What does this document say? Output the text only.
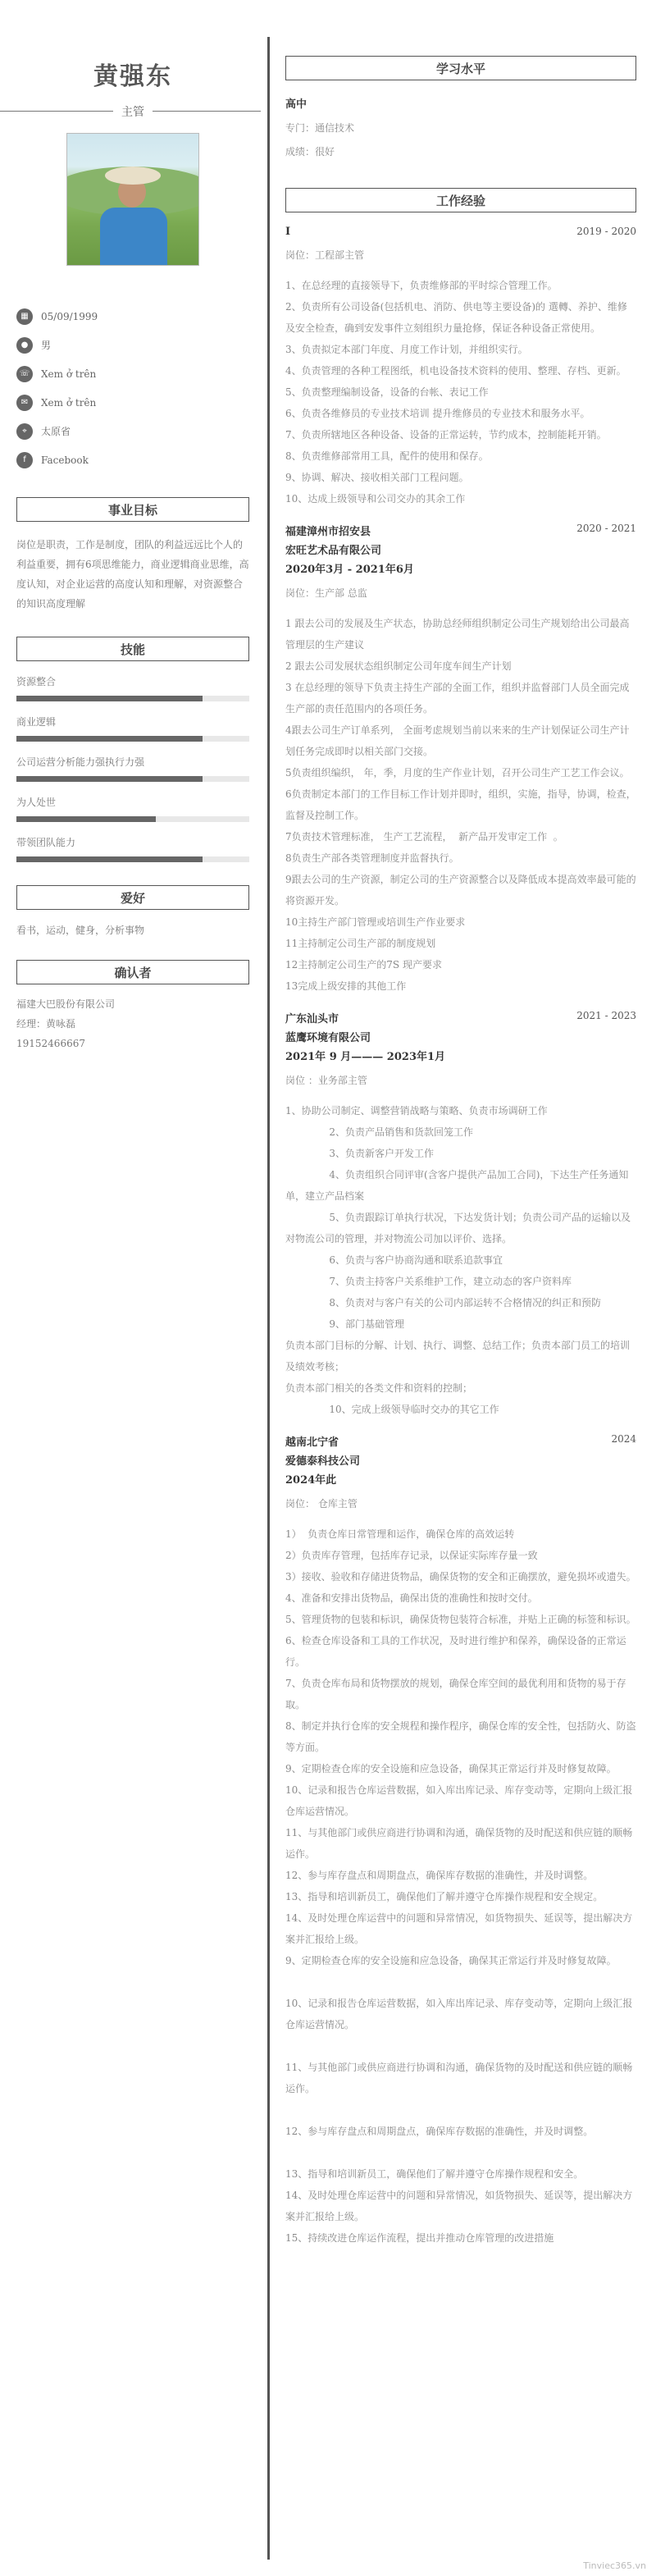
黄强东
主管
▦	05/09/1999
●	男
☏	Xem ở trên
✉	Xem ở trên
⌖	太原省
f	Facebook
事业目标
岗位是职责，工作是制度，团队的利益远远比个人的利益重要，拥有6项思维能力，商业逻辑商业思维，高度认知，对企业运营的高度认知和理解，对资源整合的知识高度理解
技能
资源整合
商业逻辑
公司运营分析能力强执行力强
为人处世
带领团队能力
爱好
看书，运动，健身，分析事物
确认者
福建大巴股份有限公司
经理：黄咏磊
19152466667
学习水平
高中
专门：通信技术
成绩：很好
工作经验
I	2019 - 2020
岗位：工程部主管
1、在总经理的直接领导下，负责维修部的平时综合管理工作。
2、负责所有公司设备(包括机电、消防、供电等主要设备)的 選轉、养护、维修及安全检查，确到安发事件立刻组织力量抢修，保证各种设备正常使用。
3、负责拟定本部门年度、月度工作计划，并组织实行。
4、负责管理的各种工程图纸，机电设备技术资料的使用、整理、存档、更新。
5、负责整理编制设备，设备的台帐、表记工作
6、负责各维修员的专业技术培训 提升维修员的专业技术和服务水平。
7、负责所辖地区各种设备、设备的正常运转，节约成本，控制能耗开销。
8、负责维修部常用工具，配件的使用和保存。
9、协调、解决、接收相关部门工程问题。
10、达成上级领导和公司交办的其余工作
福建漳州市招安县	2020 - 2021
宏旺艺术品有限公司
2020年3月 - 2021年6月
岗位：生产部 总监
1 跟去公司的发展及生产状态，协助总经师组织制定公司生产规划给出公司最高管理层的生产建议
2 跟去公司发展状态组织制定公司年度车间生产计划
3 在总经理的领导下负责主持生产部的全面工作，组织并监督部门人员全面完成生产部的责任范围内的各项任务。
4跟去公司生产订单系列， 全面考虑规划当前以来来的生产计划保证公司生产计划任务完成即时以相关部门交接。
5负责组织编织， 年，季，月度的生产作业计划，召开公司生产工艺工作会议。
6负责制定本部门的工作目标工作计划并即时，组织，实施，指导，协调，检查，监督及控制工作。
7负责技术管理标准， 生产工艺流程，  新产品开发审定工作  。
8负责生产部各类管理制度并监督执行。
9跟去公司的生产资源，制定公司的生产资源整合以及降低成本提高效率最可能的将资源开发。
10主持生产部门管理或培训生产作业要求
11主持制定公司生产部的制度规划
12主持制定公司生产的7S 现产要求
13完成上级安排的其他工作
广东汕头市	2021 - 2023
蓝鹰环境有限公司
2021年 9 月——— 2023年1月
岗位 ：业务部主管
1、协助公司制定、调整营销战略与策略、负责市场调研工作
2、负责产品销售和货款回笼工作
3、负责新客户开发工作
4、负责组织合同评审(含客户提供产品加工合同)，下达生产任务通知单，建立产品档案
5、负责跟踪订单执行状况，下达发货计划；负责公司产品的运输以及对物流公司的管理，并对物流公司加以评价、选择。
6、负责与客户协商沟通和联系追款事宜
7、负责主持客户关系维护工作，建立动态的客户资料库
8、负责对与客户有关的公司内部运转不合格情况的纠正和预防
9、部门基础管理
负责本部门目标的分解、计划、执行、调整、总结工作；负责本部门员工的培训及绩效考核；
负责本部门相关的各类文件和资料的控制；
10、完成上级领导临时交办的其它工作
越南北宁省	2024
爱德泰科技公司
2024年此
岗位： 仓库主管
1）  负责仓库日常管理和运作，确保仓库的高效运转
2）负责库存管理，包括库存记录，以保证实际库存量一致
3）接收、验收和存储进货物品，确保货物的安全和正确摆放，避免损坏或遗失。
4、准备和安排出货物品，确保出货的准确性和按时交付。
5、管理货物的包装和标识，确保货物包装符合标准，并贴上正确的标签和标识。
6、检查仓库设备和工具的工作状况，及时进行维护和保养，确保设备的正常运行。
7、负责仓库布局和货物摆放的规划，确保仓库空间的最优利用和货物的易于存取。
8、制定并执行仓库的安全规程和操作程序，确保仓库的安全性，包括防火、防盗等方面。
9、定期检查仓库的安全设施和应急设备，确保其正常运行并及时修复故障。
10、记录和报告仓库运营数据，如入库出库记录、库存变动等，定期向上级汇报仓库运营情况。
11、与其他部门或供应商进行协调和沟通，确保货物的及时配送和供应链的顺畅运作。
12、参与库存盘点和周期盘点，确保库存数据的准确性，并及时调整。
13、指导和培训新员工，确保他们了解并遵守仓库操作规程和安全规定。
14、及时处理仓库运营中的问题和异常情况，如货物损失、延误等，提出解决方案并汇报给上级。
9、定期检查仓库的安全设施和应急设备，确保其正常运行并及时修复故障。

10、记录和报告仓库运营数据，如入库出库记录、库存变动等，定期向上级汇报仓库运营情况。

11、与其他部门或供应商进行协调和沟通，确保货物的及时配送和供应链的顺畅运作。

12、参与库存盘点和周期盘点，确保库存数据的准确性，并及时调整。

13、指导和培训新员工，确保他们了解并遵守仓库操作规程和安全。
14、及时处理仓库运营中的问题和异常情况，如货物损失、延误等，提出解决方案并汇报给上级。
15、持续改进仓库运作流程，提出并推动仓库管理的改进措施
Tinviec365.vn
